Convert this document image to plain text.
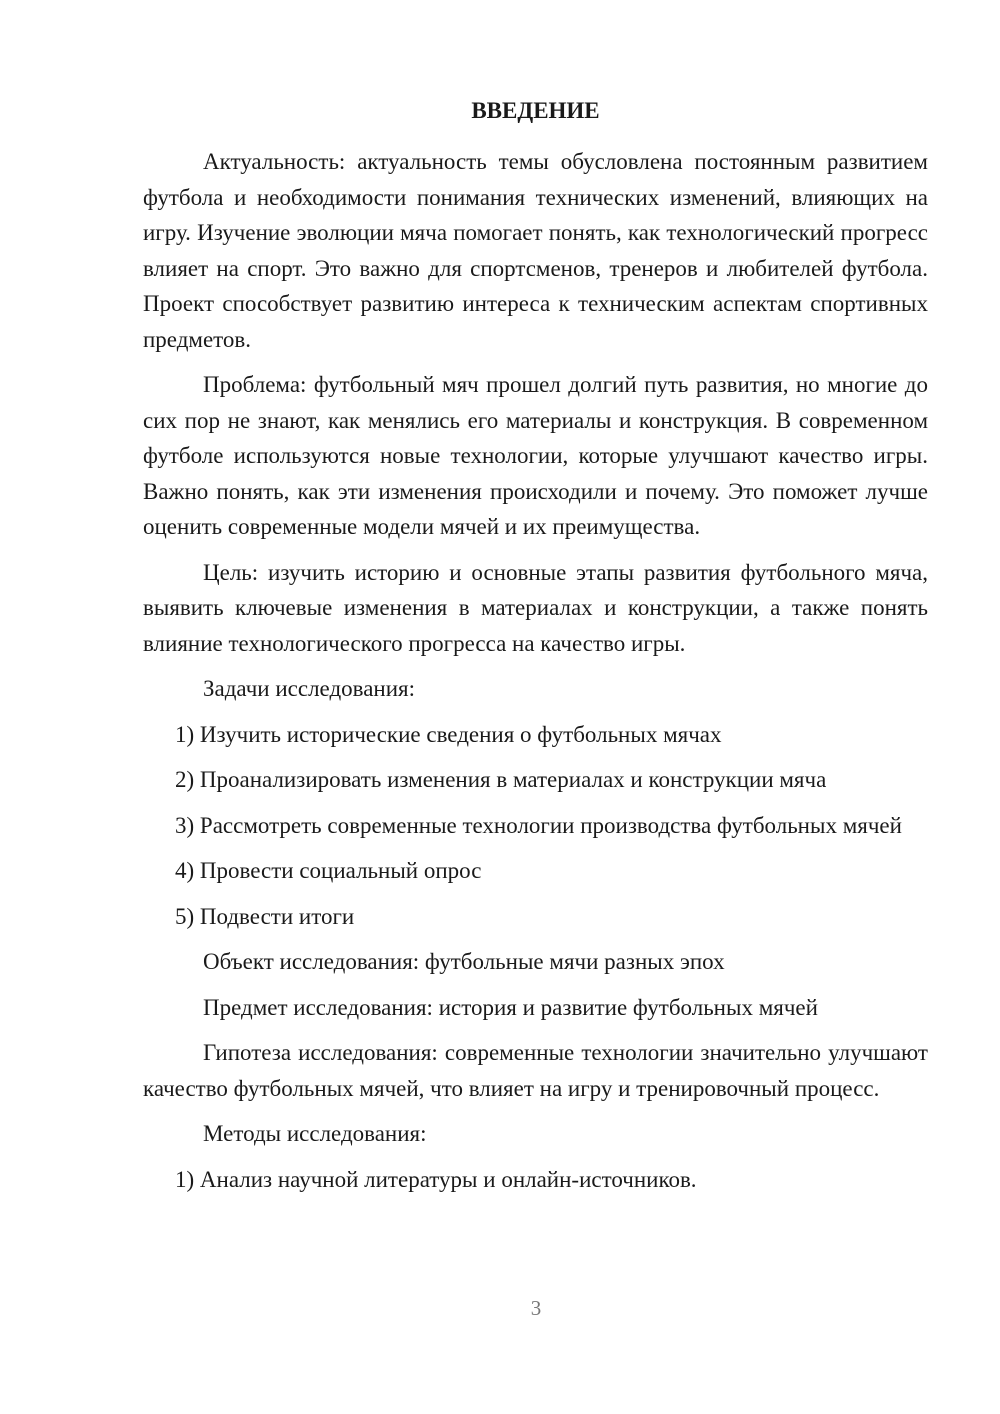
ВВЕДЕНИЕ

Актуальность: актуальность темы обусловлена постоянным развитием футбола и необходимости понимания технических изменений, влияющих на игру. Изучение эволюции мяча помогает понять, как технологический прогресс влияет на спорт. Это важно для спортсменов, тренеров и любителей футбола. Проект способствует развитию интереса к техническим аспектам спортивных предметов.

Проблема: футбольный мяч прошел долгий путь развития, но многие до сих пор не знают, как менялись его материалы и конструкция. В современном футболе используются новые технологии, которые улучшают качество игры. Важно понять, как эти изменения происходили и почему. Это поможет лучше оценить современные модели мячей и их преимущества.

Цель: изучить историю и основные этапы развития футбольного мяча, выявить ключевые изменения в материалах и конструкции, а также понять влияние технологического прогресса на качество игры.

Задачи исследования:

1) Изучить исторические сведения о футбольных мячах

2) Проанализировать изменения в материалах и конструкции мяча

3) Рассмотреть современные технологии производства футбольных мячей

4) Провести социальный опрос

5) Подвести итоги

Объект исследования: футбольные мячи разных эпох

Предмет исследования: история и развитие футбольных мячей

Гипотеза исследования: современные технологии значительно улучшают качество футбольных мячей, что влияет на игру и тренировочный процесс.

Методы исследования:

1) Анализ научной литературы и онлайн-источников.

3
